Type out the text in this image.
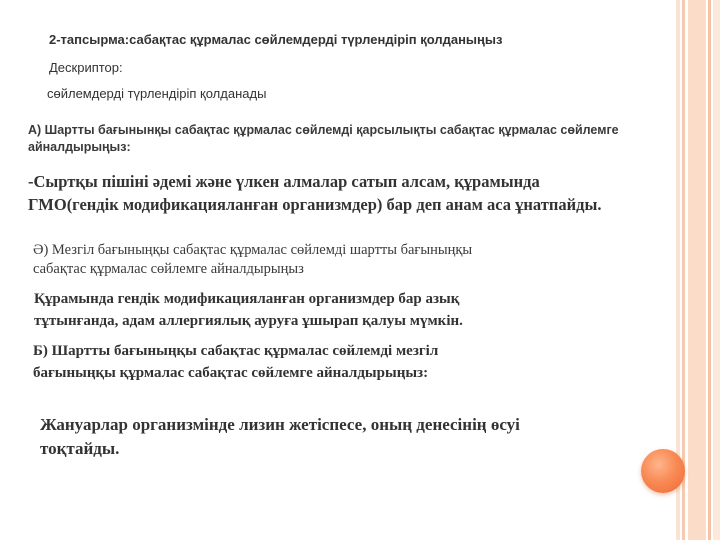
2-тапсырма:сабақтас құрмалас сөйлемдерді түрлендіріп қолданыңыз
Дескриптор:
сөйлемдерді түрлендіріп қолданады
А) Шартты бағынынқы сабақтас құрмалас сөйлемді қарсылықты сабақтас құрмалас сөйлемге
айналдырыңыз:
-Сыртқы пішіні әдемі және үлкен алмалар сатып алсам, құрамында
ГМО(гендік модификацияланған организмдер) бар деп анам аса ұнатпайды.
Ә) Мезгіл бағыныңқы сабақтас құрмалас сөйлемді шартты бағыныңқы
сабақтас құрмалас сөйлемге айналдырыңыз
Құрамында гендік модификацияланған организмдер бар азық
тұтынғанда, адам аллергиялық ауруға ұшырап қалуы мүмкін.
Б) Шартты бағыныңқы сабақтас құрмалас сөйлемді мезгіл
бағыныңқы құрмалас сабақтас сөйлемге айналдырыңыз:
Жануарлар организмінде лизин жетіспесе, оның денесінің өсуі
тоқтайды.
